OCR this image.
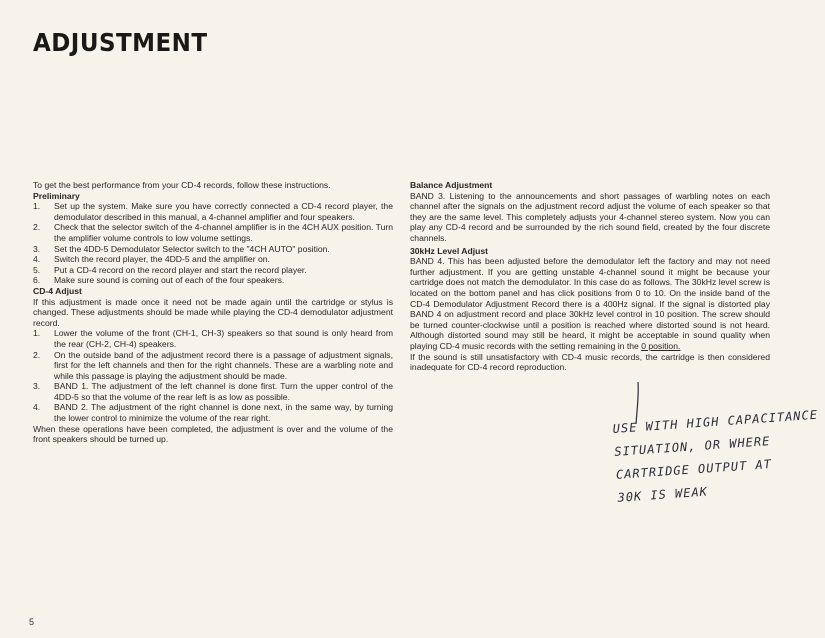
ADJUSTMENT

To get the best performance from your CD-4 records, follow these instructions.

Preliminary
1.	Set up the system. Make sure you have correctly connected a CD-4 record player, the demodulator described in this manual, a 4-channel amplifier and four speakers.
2.	Check that the selector switch of the 4-channel amplifier is in the 4CH AUX position. Turn the amplifier volume controls to low volume settings.
3.	Set the 4DD-5 Demodulator Selector switch to the "4CH AUTO" position.
4.	Switch the record player, the 4DD-5 and the amplifier on.
5.	Put a CD-4 record on the record player and start the record player.
6.	Make sure sound is coming out of each of the four speakers.
CD-4 Adjust

If this adjustment is made once it need not be made again until the cartridge or stylus is changed. These adjustments should be made while playing the CD-4 demodulator adjustment record.

1.	Lower the volume of the front (CH-1, CH-3) speakers so that sound is only heard from the rear (CH-2, CH-4) speakers.
2.	On the outside band of the adjustment record there is a passage of adjustment signals, first for the left channels and then for the right channels. These are a warbling note and while this passage is playing the adjustment should be made.
3.	BAND 1. The adjustment of the left channel is done first. Turn the upper control of the 4DD-5 so that the volume of the rear left is as low as possible.
4.	BAND 2. The adjustment of the right channel is done next, in the same way, by turning the lower control to minimize the volume of the rear right.

When these operations have been completed, the adjustment is over and the volume of the front speakers should be turned up.

Balance Adjustment

BAND 3. Listening to the announcements and short passages of warbling notes on each channel after the signals on the adjustment record adjust the volume of each speaker so that they are the same level. This completely adjusts your 4-channel stereo system. Now you can play any CD-4 record and be surrounded by the rich sound field, created by the four discrete channels.

30kHz Level Adjust

BAND 4. This has been adjusted before the demodulator left the factory and may not need further adjustment. If you are getting unstable 4-channel sound it might be because your cartridge does not match the demodulator. In this case do as follows. The 30kHz level screw is located on the bottom panel and has click positions from 0 to 10. On the inside band of the CD-4 Demodulator Adjustment Record there is a 400Hz signal. If the signal is distorted play BAND 4 on adjustment record and place 30kHz level control in 10 position. The screw should be turned counter-clockwise until a position is reached where distorted sound is not heard. Although distorted sound may still be heard, it might be acceptable in sound quality when playing CD-4 music records with the setting remaining in the 0 position.

If the sound is still unsatisfactory with CD-4 music records, the cartridge is then considered inadequate for CD-4 record reproduction.

USE WITH HIGH CAPACITANCE
SITUATION, OR WHERE
CARTRIDGE OUTPUT AT
30K IS WEAK
5
